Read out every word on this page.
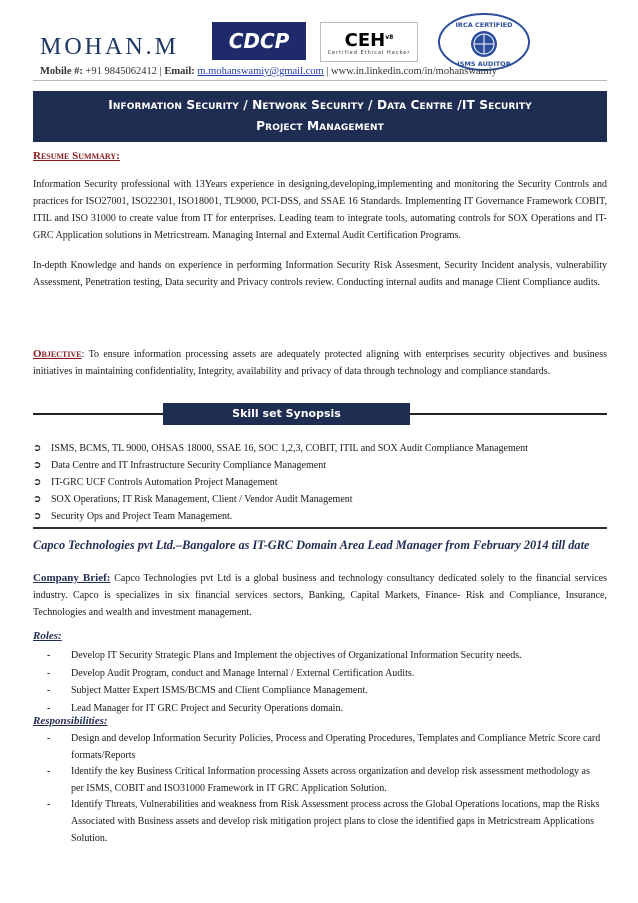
MOHAN.M	CDCP	$CEH^{v8}$
Certified Ethical Hacker
IRCA CERTIFIED
ISMS AUDITOR
Mobile #: +91 9845062412 | Email: m.mohanswamiy@gmail.com | www.in.linkedin.com/in/mohanswamiy
Information Security / Network Security / Data Centre /IT Security
Project Management
Resume Summary:
Information Security professional with 13Years experience in designing,developing,implementing and monitoring the Security Controls and practices for ISO27001, ISO22301, ISO18001, TL9000, PCI-DSS, and SSAE 16 Standards. Implementing IT Governance Framework COBIT, ITIL and ISO 31000 to create value from IT for enterprises. Leading team to integrate tools, automating controls for SOX Operations and IT-GRC Application solutions in Metricstream. Managing Internal and External Audit Certification Programs.
In-depth Knowledge and hands on experience in performing Information Security Risk Assesment, Security Incident analysis, vulnerability Assessment, Penetration testing, Data security and Privacy controls review. Conducting internal audits and manage Client Compliance audits.
Objective: To ensure information processing assets are adequately protected aligning with enterprises security objectives and business initiatives in maintaining confidentiality, Integrity, availability and privacy of data through technology and compliance standards.
Skill set Synopsis
➲ ISMS, BCMS, TL 9000, OHSAS 18000, SSAE 16, SOC 1,2,3, COBIT, ITIL and SOX Audit Compliance Management
➲ Data Centre and IT Infrastructure Security Compliance Management
➲ IT-GRC UCF Controls Automation Project Management
➲ SOX Operations, IT Risk Management, Client / Vendor Audit Management
➲ Security Ops and Project Team Management.
Capco Technologies pvt Ltd.–Bangalore as IT-GRC Domain Area Lead Manager from February 2014 till date
Company Brief: Capco Technologies pvt Ltd is a global business and technology consultancy dedicated solely to the financial services industry. Capco is specializes in six financial services sectors, Banking, Capital Markets, Finance- Risk and Compliance, Insurance, Technologies and wealth and investment management.
Roles:
-	Develop IT Security Strategic Plans and Implement the objectives of Organizational Information Security needs.
-	Develop Audit Program, conduct and Manage Internal / External Certification Audits.
-	Subject Matter Expert ISMS/BCMS and Client Compliance Management.
-	Lead Manager for IT GRC Project and Security Operations domain.
Responsibilities:
-	Design and develop Information Security Policies, Process and Operating Procedures, Templates and Compliance Metric Score card formats/Reports
-	Identify the key Business Critical Information processing Assets across organization and develop risk assessment methodology as per ISMS, COBIT and ISO31000 Framework in IT GRC Application Solution.
-	Identify Threats, Vulnerabilities and weakness from Risk Assessment process across the Global Operations locations, map the Risks Associated with Business assets and develop risk mitigation project plans to close the identified gaps in Metricstream Applications Solution.
